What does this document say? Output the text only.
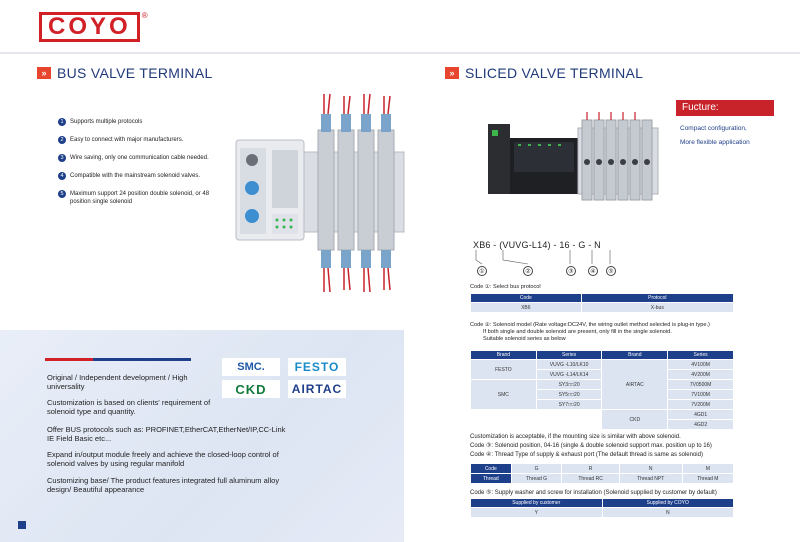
COYO ®
» BUS VALVE TERMINAL	» SLICED VALVE TERMINAL
1	Supports multiple protocols
2	Easy to connect with major manufacturers.
3	Wire saving, only one communication cable needed.
4	Compatible with the mainstream solenoid valves.
5	Maximum support 24 position double solenoid, or 48 position single solenoid
Original / Independent development / High universality
Customization is based on clients' requirement of solenoid type and quantity.
Offer BUS protocols such as: PROFINET,EtherCAT,EtherNet/IP,CC-Link IE Field Basic etc...
Expand in/output module freely and achieve the closed-loop control of solenoid valves by using regular manifold
Customizing base/ The product features integrated full aluminum alloy design/ Beautiful appearance
SMC.	FESTO
CKD	AIRTAC
Fucture:
Compact configuration,
More flexible application
XB6 - (VUVG-L14) - 16 - G - N
①	②	③	④	⑤
Code ①: Select bus protocol
Code	Protocol
XB6	X-bus
Code ②: Solenoid model (Rate voltage:DC24V, the wiring outlet method selected is plug-in type.)
If both single and double solenoid are present, only fill in the single solenoid.
Suitable solenoid series as below
Brand	Series	Brand	Series
FESTO	VUVG -L10/LK10	AIRTAC	4V100M
	VUVG -L14/LK14		4V200M
SMC	SY3□□20		7V0500M
	SY5□□20		7V100M
	SY7□□20		7V200M
		CKD	4GD1
			4GD2
Customization is acceptable, if the mounting size is similar with above solenoid.
Code ③: Solenoid position, 04-16 (single & double solenoid support max. position up to 16)
Code ④: Thread Type of supply & exhaust port (The default thread is same as solenoid)
Code	G	R	N	M
Thread	Thread G	Thread RC	Thread NPT	Thread M
Code ⑤: Supply washer and screw for installation (Solenoid supplied by customer by default)
Supplied by customer	Supplied by COYO
Y	N
